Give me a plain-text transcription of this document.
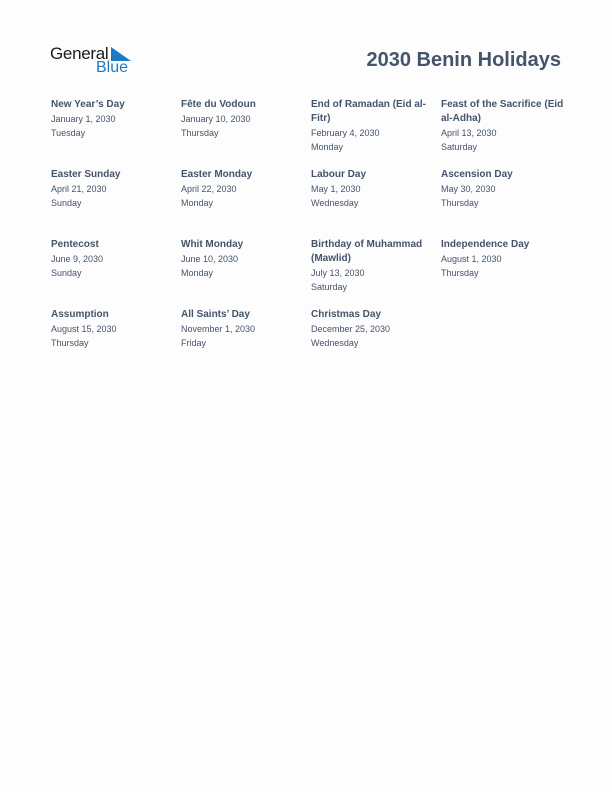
General
Blue	2030 Benin Holidays
New Year’s Day
January 1, 2030
Tuesday
Fête du Vodoun
January 10, 2030
Thursday
End of Ramadan (Eid al-Fitr)
February 4, 2030
Monday
Feast of the Sacrifice (Eid al-Adha)
April 13, 2030
Saturday
Easter Sunday
April 21, 2030
Sunday
Easter Monday
April 22, 2030
Monday
Labour Day
May 1, 2030
Wednesday
Ascension Day
May 30, 2030
Thursday
Pentecost
June 9, 2030
Sunday
Whit Monday
June 10, 2030
Monday
Birthday of Muhammad (Mawlid)
July 13, 2030
Saturday
Independence Day
August 1, 2030
Thursday
Assumption
August 15, 2030
Thursday
All Saints’ Day
November 1, 2030
Friday
Christmas Day
December 25, 2030
Wednesday
